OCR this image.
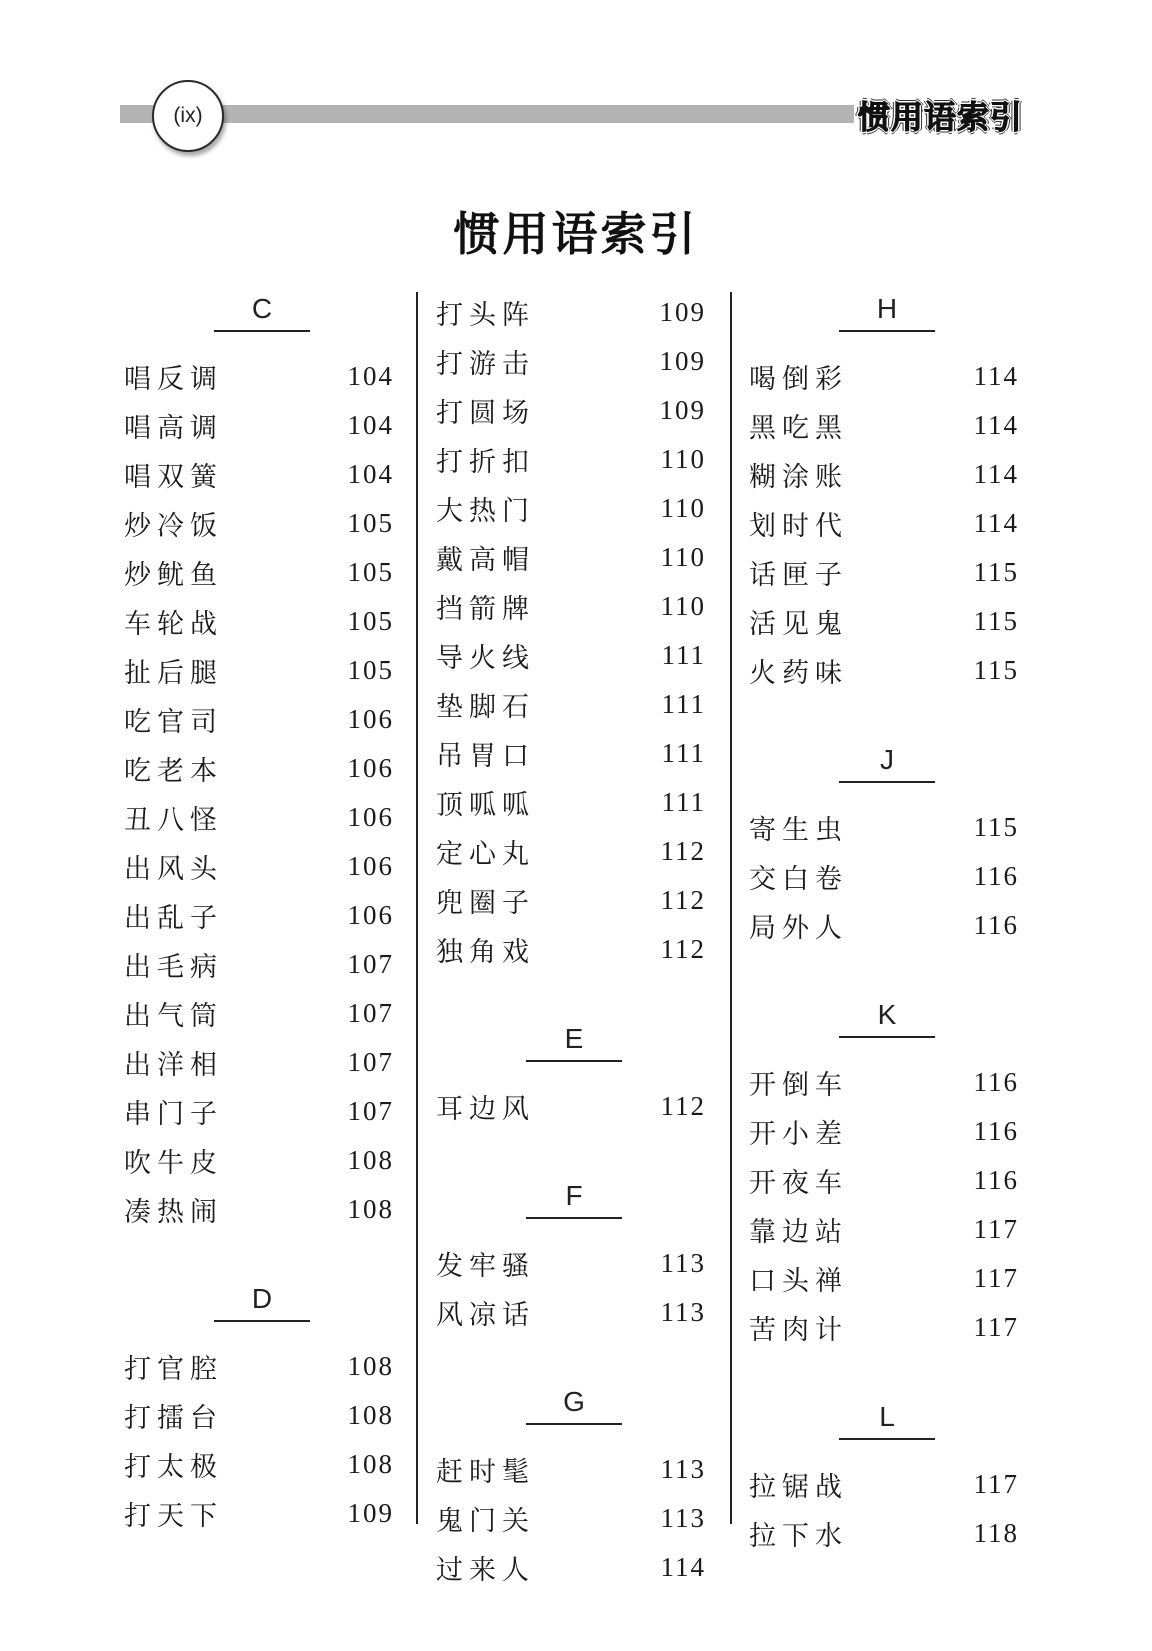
(ix)	惯用语索引
惯用语索引
C
唱反调	104
唱高调	104
唱双簧	104
炒冷饭	105
炒鱿鱼	105
车轮战	105
扯后腿	105
吃官司	106
吃老本	106
丑八怪	106
出风头	106
出乱子	106
出毛病	107
出气筒	107
出洋相	107
串门子	107
吹牛皮	108
凑热闹	108
D
打官腔	108
打擂台	108
打太极	108
打天下	109
打头阵	109
打游击	109
打圆场	109
打折扣	110
大热门	110
戴高帽	110
挡箭牌	110
导火线	111
垫脚石	111
吊胃口	111
顶呱呱	111
定心丸	112
兜圈子	112
独角戏	112
E
耳边风	112
F
发牢骚	113
风凉话	113
G
赶时髦	113
鬼门关	113
过来人	114
H
喝倒彩	114
黑吃黑	114
糊涂账	114
划时代	114
话匣子	115
活见鬼	115
火药味	115
J
寄生虫	115
交白卷	116
局外人	116
K
开倒车	116
开小差	116
开夜车	116
靠边站	117
口头禅	117
苦肉计	117
L
拉锯战	117
拉下水	118
